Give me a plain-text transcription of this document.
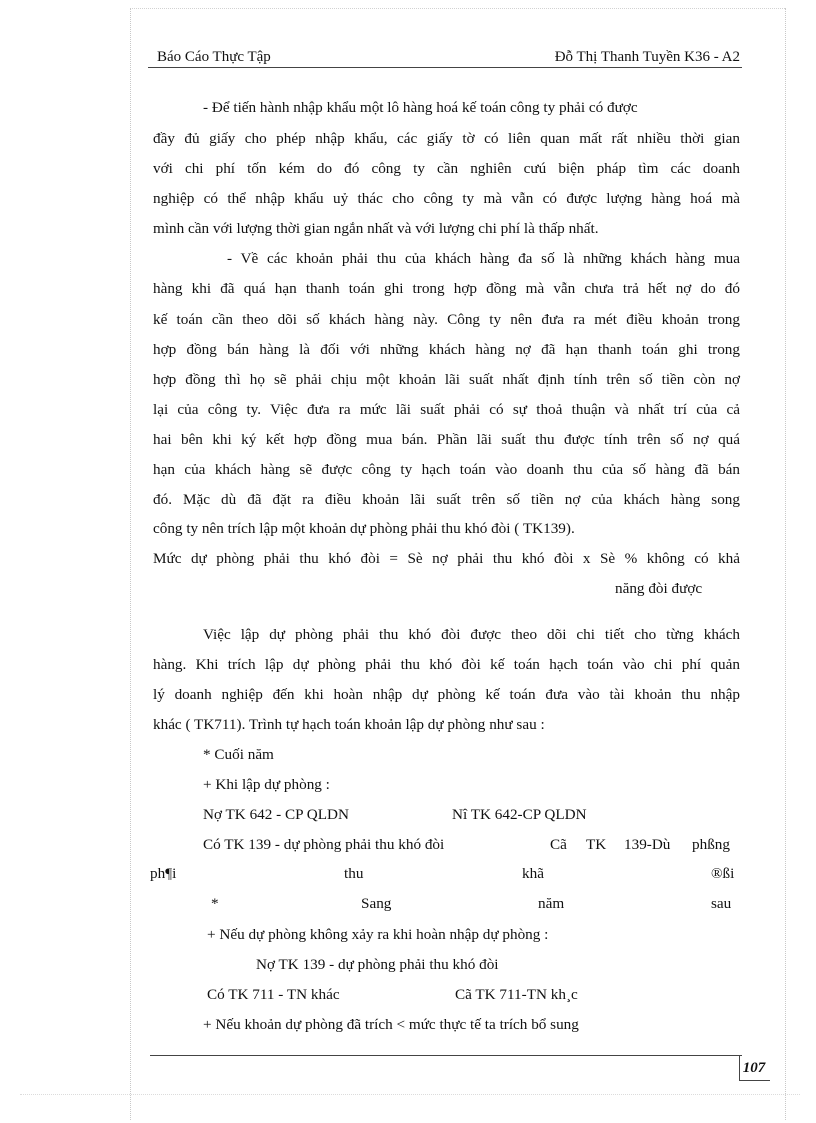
Báo Cáo Thực Tập	Đỗ Thị Thanh Tuyền K36 - A2
- Để tiến hành nhập khẩu một lô hàng hoá kế toán công ty phải có được
đầy đủ giấy cho phép nhập khẩu, các giấy tờ có liên quan mất rất nhiều thời gian
với chi phí tốn kém do đó công ty cần nghiên cưú biện pháp tìm các doanh
nghiệp có thể nhập khẩu uỷ thác cho công ty mà vẫn có được lượng hàng hoá mà
mình cần với lượng thời gian ngắn nhất và với lượng chi phí là thấp nhất.
- Về các khoản phải thu của khách hàng đa số là những khách hàng mua
hàng khi đã quá hạn thanh toán ghi trong hợp đồng mà vẫn chưa trả hết nợ do đó
kế toán cần theo dõi số khách hàng này. Công ty nên đưa ra mét điều khoản trong
hợp đồng bán hàng là đối với những khách hàng nợ đã hạn thanh toán ghi trong
hợp đồng thì họ sẽ phải chịu một khoản lãi suất nhất định tính trên số tiền còn nợ
lại của công ty. Việc đưa ra mức lãi suất phải có sự thoả thuận và nhất trí của cả
hai bên khi ký kết hợp đồng mua bán. Phần lãi suất thu được tính trên số nợ quá
hạn của khách hàng sẽ được công ty hạch toán vào doanh thu của số hàng đã bán
đó. Mặc dù đã đặt ra điều khoản lãi suất trên số tiền nợ của khách hàng song
công ty nên trích lập một khoản dự phòng phải thu khó đòi ( TK139).
Mức dự phòng phải thu khó đòi = Sè nợ phải thu khó đòi x Sè % không có khả
năng đòi được
Việc lập dự phòng phải thu khó đòi được theo dõi chi tiết cho từng khách
hàng. Khi trích lập dự phòng phải thu khó đòi kế toán hạch toán vào chi phí quản
lý doanh nghiệp đến khi hoàn nhập dự phòng kế toán đưa vào tài khoản thu nhập
khác ( TK711). Trình tự hạch toán khoản lập dự phòng như sau :
* Cuối năm
+ Khi lập dự phòng :
Nợ TK 642 - CP QLDN	Nî TK 642-CP QLDN
Có TK 139 - dự phòng phải thu khó đòi	Cã TK 139-Dù phßng
ph¶i	thu	khã	®ßi
*	Sang	năm	sau
+ Nếu dự phòng không xảy ra khi hoàn nhập dự phòng :
Nợ TK 139 - dự phòng phải thu khó đòi
Có TK 711 - TN khác	Cã TK 711-TN kh¸c
+ Nếu khoản dự phòng đã trích < mức thực tế ta trích bổ sung
107
